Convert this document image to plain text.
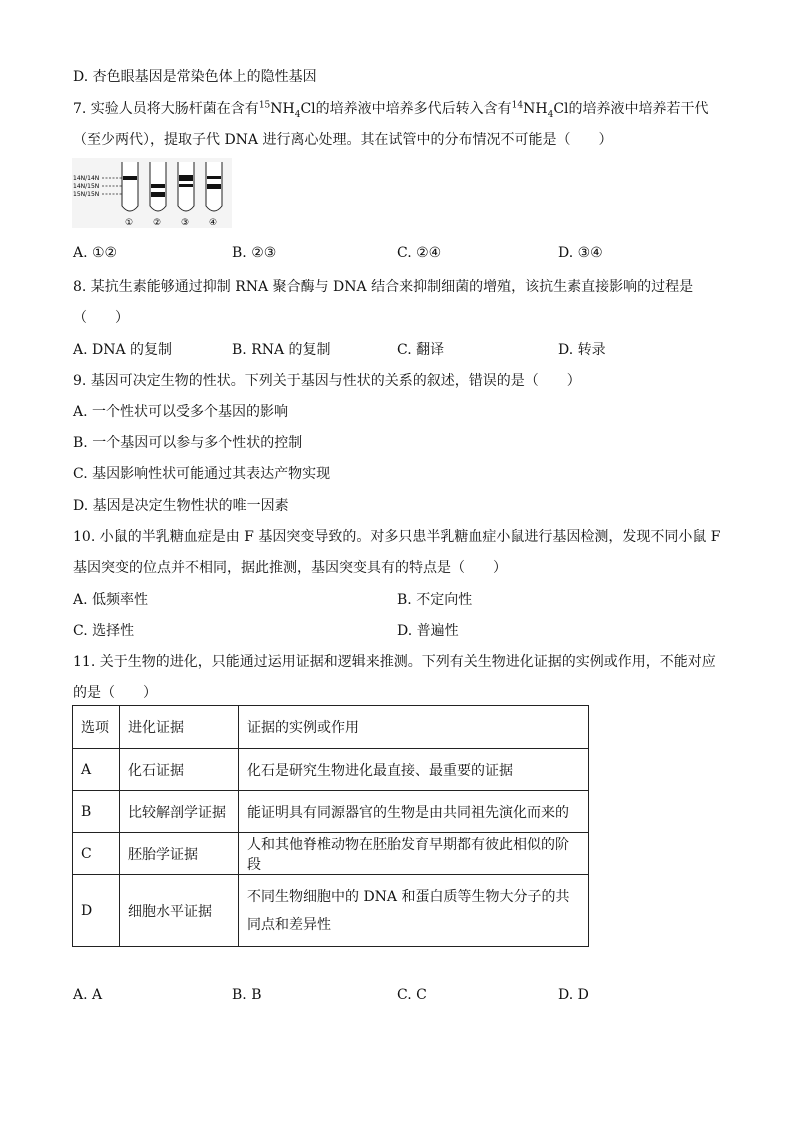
D. 杏色眼基因是常染色体上的隐性基因
7. 实验人员将大肠杆菌在含有$^{15}NH_4Cl$的培养液中培养多代后转入含有$^{14}NH_4Cl$的培养液中培养若干代
（至少两代），提取子代 DNA 进行离心处理。其在试管中的分布情况不可能是（　　）
14N/14N
14N/15N
15N/15N
① ② ③ ④
A. ①②	B. ②③	C. ②④	D. ③④
8. 某抗生素能够通过抑制 RNA 聚合酶与 DNA 结合来抑制细菌的增殖，该抗生素直接影响的过程是
（　　）
A. DNA 的复制	B. RNA 的复制	C. 翻译	D. 转录
9. 基因可决定生物的性状。下列关于基因与性状的关系的叙述，错误的是（　　）
A. 一个性状可以受多个基因的影响
B. 一个基因可以参与多个性状的控制
C. 基因影响性状可能通过其表达产物实现
D. 基因是决定生物性状的唯一因素
10. 小鼠的半乳糖血症是由 F 基因突变导致的。对多只患半乳糖血症小鼠进行基因检测，发现不同小鼠 F
基因突变的位点并不相同，据此推测，基因突变具有的特点是（　　）
A. 低频率性	B. 不定向性
C. 选择性	D. 普遍性
11. 关于生物的进化，只能通过运用证据和逻辑来推测。下列有关生物进化证据的实例或作用，不能对应
的是（　　）
选项	进化证据	证据的实例或作用
A	化石证据	化石是研究生物进化最直接、最重要的证据
B	比较解剖学证据	能证明具有同源器官的生物是由共同祖先演化而来的
C	胚胎学证据	人和其他脊椎动物在胚胎发育早期都有彼此相似的阶段
D	细胞水平证据	不同生物细胞中的 DNA 和蛋白质等生物大分子的共同点和差异性
A. A	B. B	C. C	D. D
